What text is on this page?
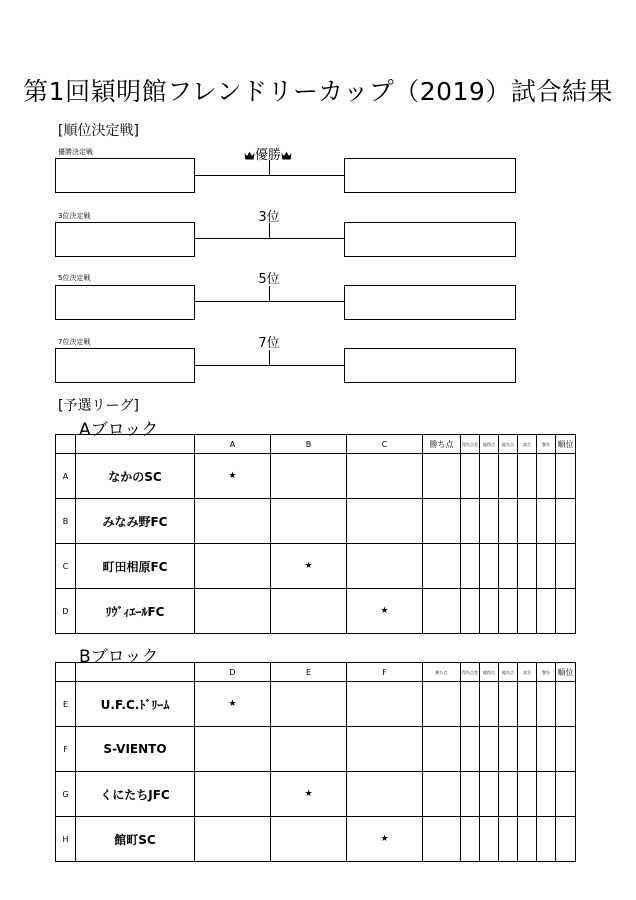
第1回穎明館フレンドリーカップ（2019）試合結果
[順位決定戦]
優勝決定戦	優勝
3位決定戦	3位
5位決定戦	5位
7位決定戦	7位
[予選リーグ]
Aブロック
		A	B	C	勝ち点	得失点差	総得点	総失点	試合	警告	順位
A	なかのSC	★									
B	みなみ野FC										
C	町田相原FC		★								
D	ﾘｳﾞｨｴｰﾙFC			★							
Bブロック
		D	E	F	勝ち点	得失点差	総得点	総失点	試合	警告	順位
E	U.F.C.ﾄﾞﾘｰﾑ	★									
F	S-VIENTO										
G	くにたちJFC		★								
H	館町SC			★							
